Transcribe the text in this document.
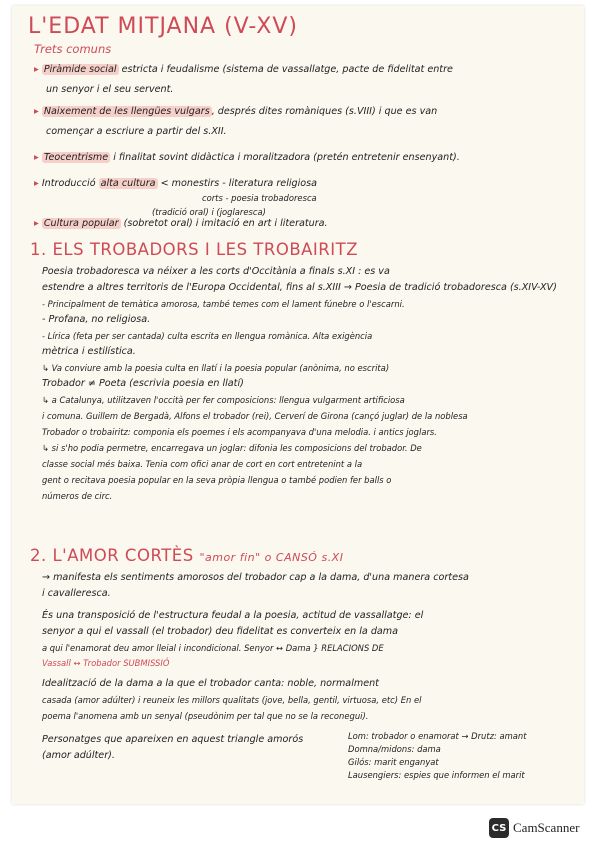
L'EDAT MITJANA (V-XV)
Trets comuns
▸ Piràmide social estricta i feudalisme (sistema de vassallatge, pacte de fidelitat entre
un senyor i el seu servent.
▸ Naixement de les llengües vulgars , després dites romàniques (s.VIII) i que es van
començar a escriure a partir del s.XII.
▸ Teocentrisme i finalitat sovint didàctica i moralitzadora (pretén entretenir ensenyant).
▸ Introducció alta cultura < monestirs - literatura religiosa
corts - poesia trobadoresca
(tradició oral) i (joglaresca)
▸ Cultura popular (sobretot oral) i imitació en art i literatura.
1. ELS TROBADORS I LES TROBAIRITZ
Poesia trobadoresca va néixer a les corts d'Occitània a finals s.XI : es va
estendre a altres territoris de l'Europa Occidental, fins al s.XIII → Poesia de tradició trobadoresca (s.XIV-XV)
- Principalment de temàtica amorosa, també temes com el lament fúnebre o l'escarni.
- Profana, no religiosa.
- Lírica (feta per ser cantada) culta escrita en llengua romànica. Alta exigència
mètrica i estilística.
↳ Va conviure amb la poesia culta en llatí i la poesia popular (anònima, no escrita)
Trobador ≠ Poeta (escrivia poesia en llatí)
↳ a Catalunya, utilitzaven l'occità per fer composicions: llengua vulgarment artificiosa
i comuna. Guillem de Bergadà, Alfons el trobador (rei), Cerverí de Girona (cançó juglar) de la noblesa
Trobador o trobairitz: componia els poemes i els acompanyava d'una melodia. i antics joglars.
↳ si s'ho podia permetre, encarregava un joglar: difonia les composicions del trobador. De
classe social més baixa. Tenia com ofici anar de cort en cort entretenint a la
gent o recitava poesia popular en la seva pròpia llengua o també podien fer balls o
números de circ.
2. L'AMOR CORTÈS "amor fin" o CANSÓ s.XI
→ manifesta els sentiments amorosos del trobador cap a la dama, d'una manera cortesa
i cavalleresca.
És una transposició de l'estructura feudal a la poesia, actitud de vassallatge: el
senyor a qui el vassall (el trobador) deu fidelitat es converteix en la dama
a qui l'enamorat deu amor lleial i incondicional. Senyor ↔ Dama } RELACIONS DE
Vassall ↔ Trobador SUBMISSIÓ
Idealització de la dama a la que el trobador canta: noble, normalment
casada (amor adúlter) i reuneix les millors qualitats (jove, bella, gentil, virtuosa, etc) En el
poema l'anomena amb un senyal (pseudònim per tal que no se la reconegui).
Personatges que apareixen en aquest triangle amorós
(amor adúlter).
Lom: trobador o enamorat → Drutz: amant
Domna/midons: dama
Gilós: marit enganyat
Lausengiers: espies que informen el marit
CS CamScanner
